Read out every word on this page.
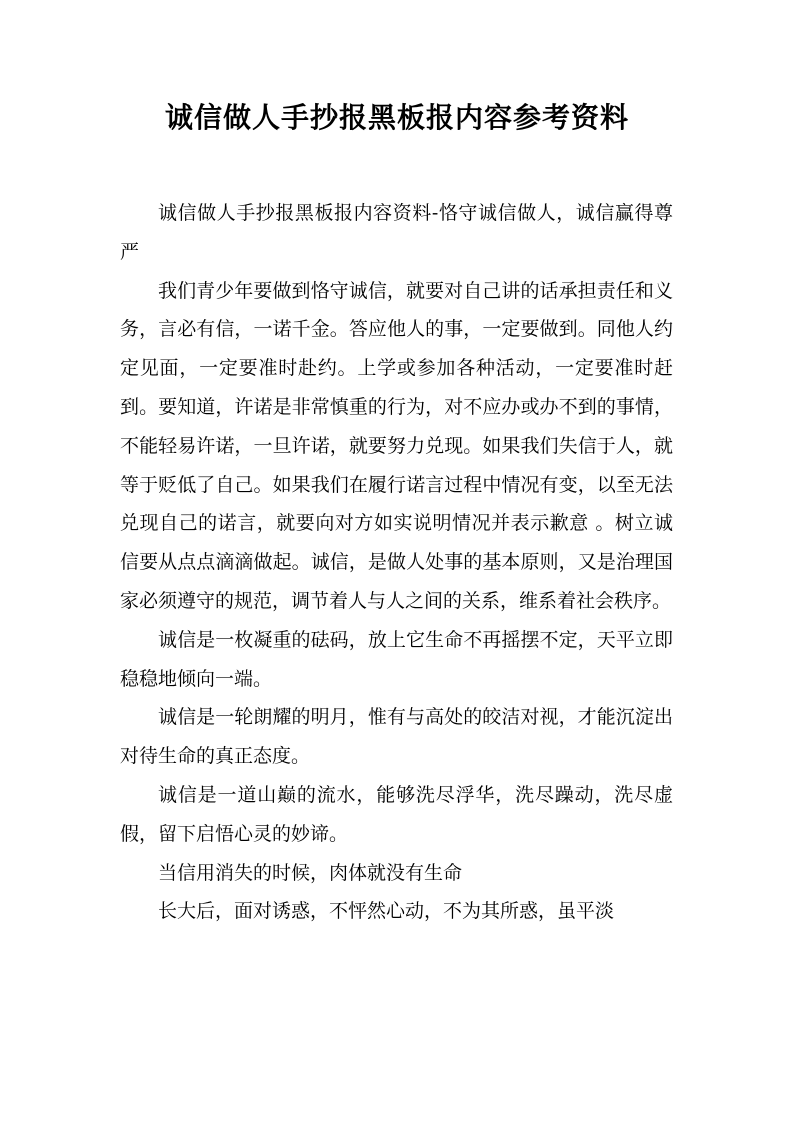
诚信做人手抄报黑板报内容参考资料

诚信做人手抄报黑板报内容资料-恪守诚信做人，诚信赢得尊严

我们青少年要做到恪守诚信，就要对自己讲的话承担责任和义务，言必有信，一诺千金。答应他人的事，一定要做到。同他人约定见面，一定要准时赴约。上学或参加各种活动，一定要准时赶到。要知道，许诺是非常慎重的行为，对不应办或办不到的事情，不能轻易许诺，一旦许诺，就要努力兑现。如果我们失信于人，就等于贬低了自己。如果我们在履行诺言过程中情况有变，以至无法兑现自己的诺言，就要向对方如实说明情况并表示歉意 。树立诚信要从点点滴滴做起。诚信，是做人处事的基本原则，又是治理国家必须遵守的规范，调节着人与人之间的关系，维系着社会秩序。

诚信是一枚凝重的砝码，放上它生命不再摇摆不定，天平立即稳稳地倾向一端。

诚信是一轮朗耀的明月，惟有与高处的皎洁对视，才能沉淀出对待生命的真正态度。

诚信是一道山巅的流水，能够洗尽浮华，洗尽躁动，洗尽虚假，留下启悟心灵的妙谛。

当信用消失的时候，肉体就没有生命

长大后，面对诱惑，不怦然心动，不为其所惑，虽平淡
